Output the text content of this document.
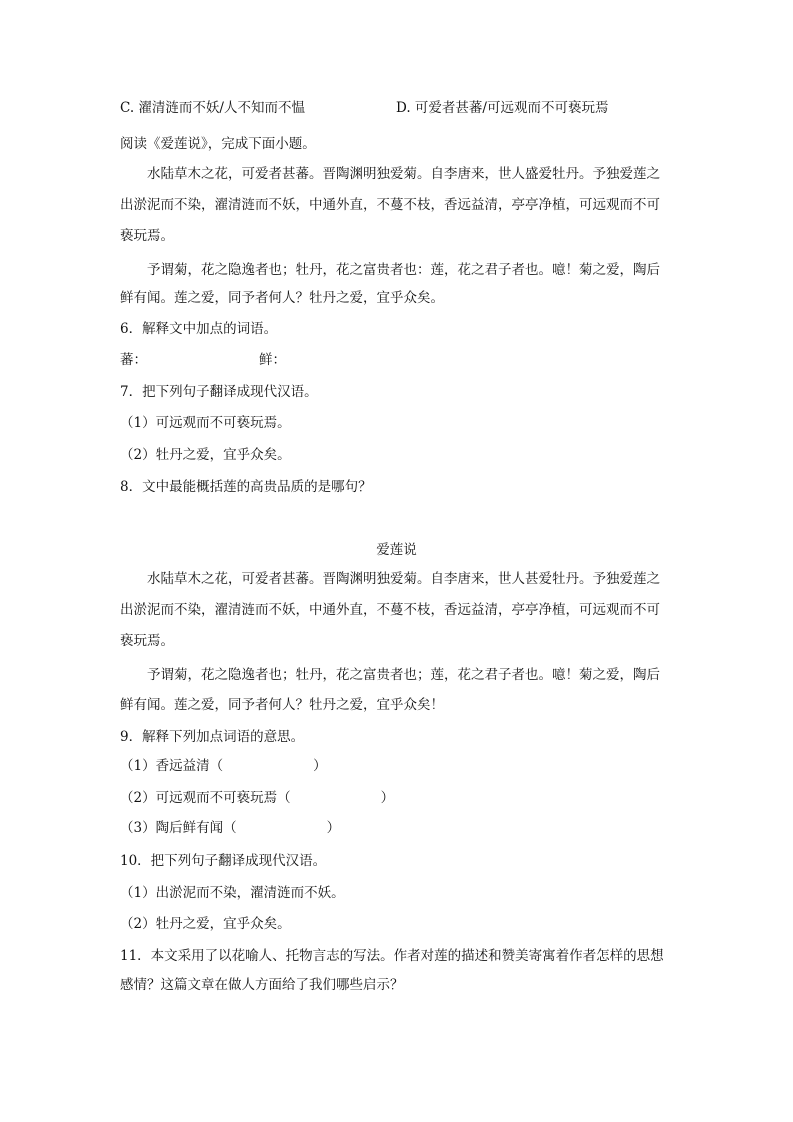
C. 濯清涟而不妖/人不知而不愠	D. 可爱者甚蕃/可远观而不可亵玩焉
阅读《爱莲说》，完成下面小题。
水陆草木之花，可爱者甚蕃。晋陶渊明独爱菊。自李唐来，世人盛爱牡丹。予独爱莲之
出淤泥而不染，濯清涟而不妖，中通外直，不蔓不枝，香远益清，亭亭净植，可远观而不可
亵玩焉。
予谓菊，花之隐逸者也；牡丹，花之富贵者也：莲，花之君子者也。噫！菊之爱，陶后
鲜有闻。莲之爱，同予者何人？牡丹之爱，宜乎众矣。
6．解释文中加点的词语。
蕃：	鲜：
7．把下列句子翻译成现代汉语。
（1）可远观而不可亵玩焉。
（2）牡丹之爱，宜乎众矣。
8．文中最能概括莲的高贵品质的是哪句？
爱莲说
水陆草木之花，可爱者甚蕃。晋陶渊明独爱菊。自李唐来，世人甚爱牡丹。予独爱莲之
出淤泥而不染，濯清涟而不妖，中通外直，不蔓不枝，香远益清，亭亭净植，可远观而不可
亵玩焉。
予谓菊，花之隐逸者也；牡丹，花之富贵者也；莲，花之君子者也。噫！菊之爱，陶后
鲜有闻。莲之爱，同予者何人？牡丹之爱，宜乎众矣！
9．解释下列加点词语的意思。
（1）香远益清（	）
（2）可远观而不可亵玩焉（	）
（3）陶后鲜有闻（	）
10．把下列句子翻译成现代汉语。
（1）出淤泥而不染，濯清涟而不妖。
（2）牡丹之爱，宜乎众矣。
11．本文采用了以花喻人、托物言志的写法。作者对莲的描述和赞美寄寓着作者怎样的思想
感情？这篇文章在做人方面给了我们哪些启示？
